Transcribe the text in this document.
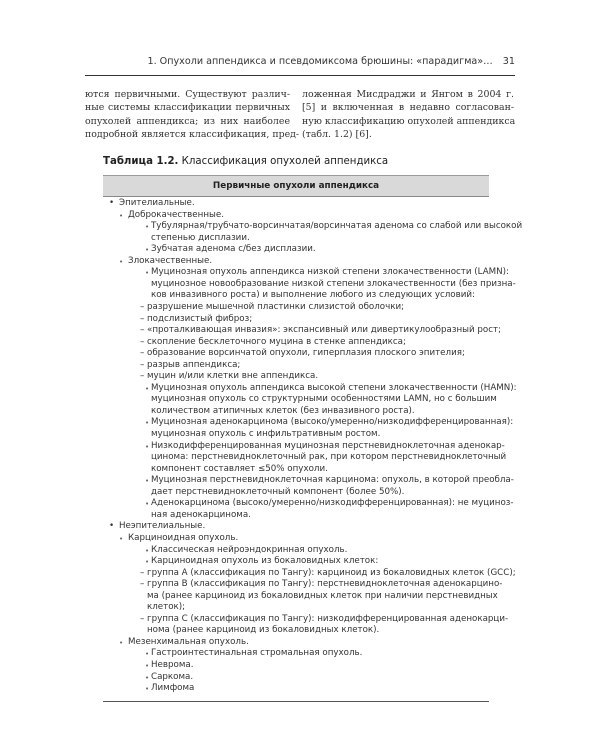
1. Опухоли аппендикса и псевдомиксома брюшины: «парадигма»… 31
ются первичными. Существуют различ-
ные системы классификации первичных
опухолей аппендикса; из них наиболее
подробной является классификация, пред-
ложенная Мисдраджи и Янгом в 2004 г.
[5] и включенная в недавно согласован-
ную классификацию опухолей аппендикса
(табл. 1.2) [6].
Таблица 1.2. Классификация опухолей аппендикса
Первичные опухоли аппендикса
• Эпителиальные.
• Доброкачественные.
• Тубулярная/трубчато-ворсинчатая/ворсинчатая аденома со слабой или высокой
степенью дисплазии.
• Зубчатая аденома с/без дисплазии.
• Злокачественные.
• Муцинозная опухоль аппендикса низкой степени злокачественности (LAMN):
муцинозное новообразование низкой степени злокачественности (без призна-
ков инвазивного роста) и выполнение любого из следующих условий:
– разрушение мышечной пластинки слизистой оболочки;
– подслизистый фиброз;
– «проталкивающая инвазия»: экспансивный или дивертикулообразный рост;
– скопление бесклеточного муцина в стенке аппендикса;
– образование ворсинчатой опухоли, гиперплазия плоского эпителия;
– разрыв аппендикса;
– муцин и/или клетки вне аппендикса.
• Муцинозная опухоль аппендикса высокой степени злокачественности (HAMN):
муцинозная опухоль со структурными особенностями LAMN, но с большим
количеством атипичных клеток (без инвазивного роста).
• Муцинозная аденокарцинома (высоко/умеренно/низкодифференцированная):
муцинозная опухоль с инфильтративным ростом.
• Низкодифференцированная муцинозная перстневидноклеточная аденокар-
цинома: перстневидноклеточный рак, при котором перстневидноклеточный
компонент составляет ≤50% опухоли.
• Муцинозная перстневидноклеточная карцинома: опухоль, в которой преобла-
дает перстневидноклеточный компонент (более 50%).
• Аденокарцинома (высоко/умеренно/низкодифференцированная): не муциноз-
ная аденокарцинома.
• Неэпителиальные.
• Карциноидная опухоль.
• Классическая нейроэндокринная опухоль.
• Карциноидная опухоль из бокаловидных клеток:
– группа А (классификация по Тангу): карциноид из бокаловидных клеток (GCC);
– группа В (классификация по Тангу): перстневидноклеточная аденокарцино-
ма (ранее карциноид из бокаловидных клеток при наличии перстневидных
клеток);
– группа С (классификация по Тангу): низкодифференцированная аденокарци-
нома (ранее карциноид из бокаловидных клеток).
• Мезенхимальная опухоль.
• Гастроинтестинальная стромальная опухоль.
• Неврома.
• Саркома.
• Лимфома
